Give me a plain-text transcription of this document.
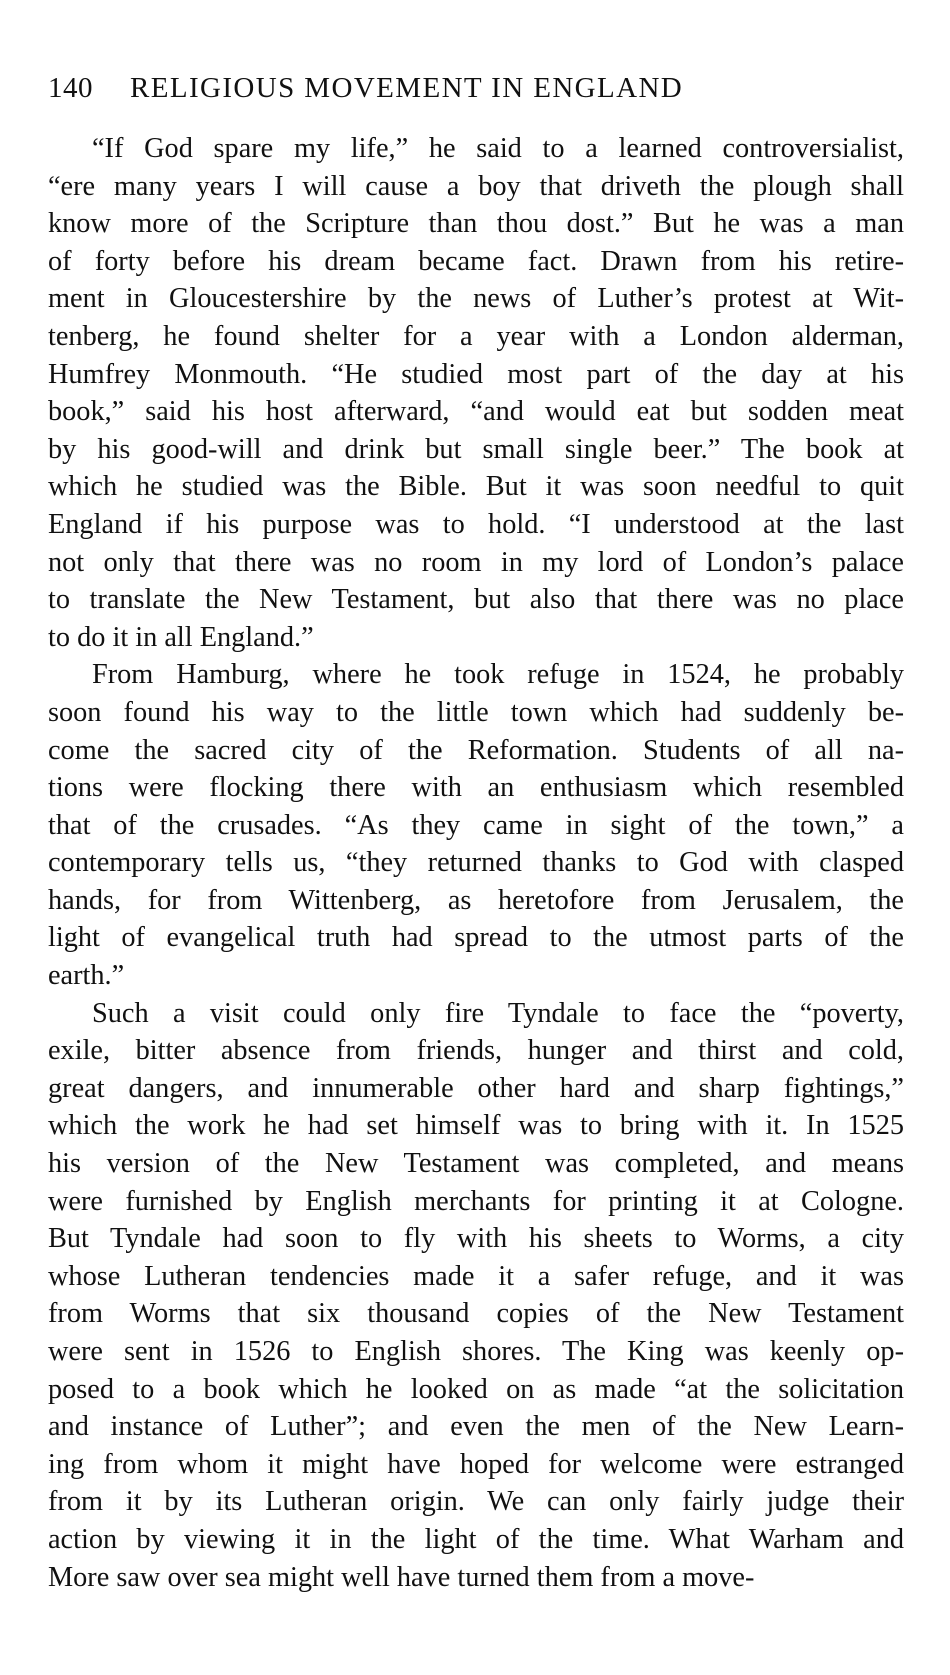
140	RELIGIOUS MOVEMENT IN ENGLAND
“If God spare my life,” he said to a learned controversialist,
“ere many years I will cause a boy that driveth the plough shall
know more of the Scripture than thou dost.” But he was a man
of forty before his dream became fact. Drawn from his retire-
ment in Gloucestershire by the news of Luther’s protest at Wit-
tenberg, he found shelter for a year with a London alderman,
Humfrey Monmouth. “He studied most part of the day at his
book,” said his host afterward, “and would eat but sodden meat
by his good-will and drink but small single beer.” The book at
which he studied was the Bible. But it was soon needful to quit
England if his purpose was to hold. “I understood at the last
not only that there was no room in my lord of London’s palace
to translate the New Testament, but also that there was no place
to do it in all England.”
From Hamburg, where he took refuge in 1524, he probably
soon found his way to the little town which had suddenly be-
come the sacred city of the Reformation. Students of all na-
tions were flocking there with an enthusiasm which resembled
that of the crusades. “As they came in sight of the town,” a
contemporary tells us, “they returned thanks to God with clasped
hands, for from Wittenberg, as heretofore from Jerusalem, the
light of evangelical truth had spread to the utmost parts of the
earth.”
Such a visit could only fire Tyndale to face the “poverty,
exile, bitter absence from friends, hunger and thirst and cold,
great dangers, and innumerable other hard and sharp fightings,”
which the work he had set himself was to bring with it. In 1525
his version of the New Testament was completed, and means
were furnished by English merchants for printing it at Cologne.
But Tyndale had soon to fly with his sheets to Worms, a city
whose Lutheran tendencies made it a safer refuge, and it was
from Worms that six thousand copies of the New Testament
were sent in 1526 to English shores. The King was keenly op-
posed to a book which he looked on as made “at the solicitation
and instance of Luther”; and even the men of the New Learn-
ing from whom it might have hoped for welcome were estranged
from it by its Lutheran origin. We can only fairly judge their
action by viewing it in the light of the time. What Warham and
More saw over sea might well have turned them from a move-
